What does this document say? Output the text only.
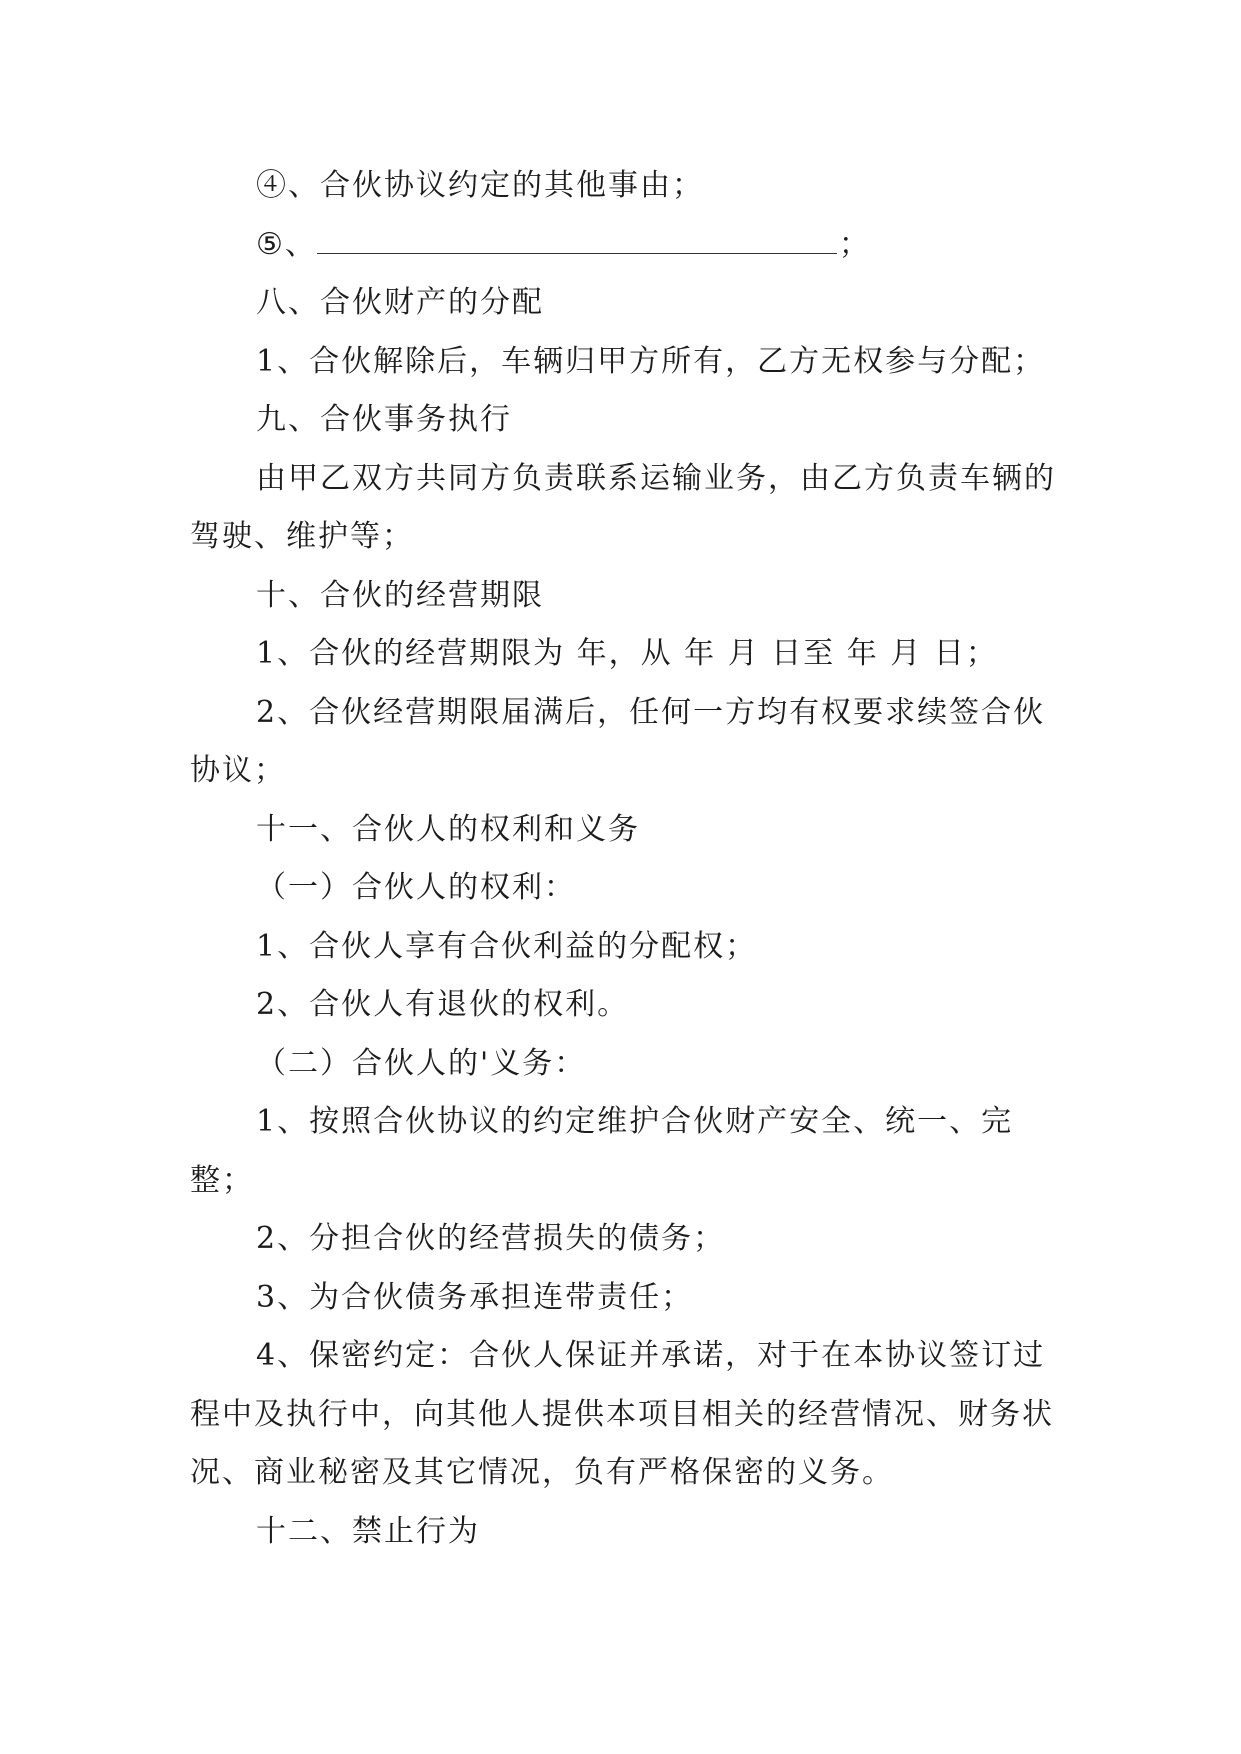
④、合伙协议约定的其他事由；

⑤、	；

八、合伙财产的分配

1、合伙解除后，车辆归甲方所有，乙方无权参与分配；

九、合伙事务执行

由甲乙双方共同方负责联系运输业务，由乙方负责车辆的驾驶、维护等；

十、合伙的经营期限

1、合伙的经营期限为 年，从 年 月 日至 年 月 日；

2、合伙经营期限届满后，任何一方均有权要求续签合伙协议；

十一、合伙人的权利和义务

（一）合伙人的权利：

1、合伙人享有合伙利益的分配权；

2、合伙人有退伙的权利。

（二）合伙人的'义务：

1、按照合伙协议的约定维护合伙财产安全、统一、完整；

2、分担合伙的经营损失的债务；

3、为合伙债务承担连带责任；

4、保密约定：合伙人保证并承诺，对于在本协议签订过程中及执行中，向其他人提供本项目相关的经营情况、财务状况、商业秘密及其它情况，负有严格保密的义务。

十二、禁止行为
